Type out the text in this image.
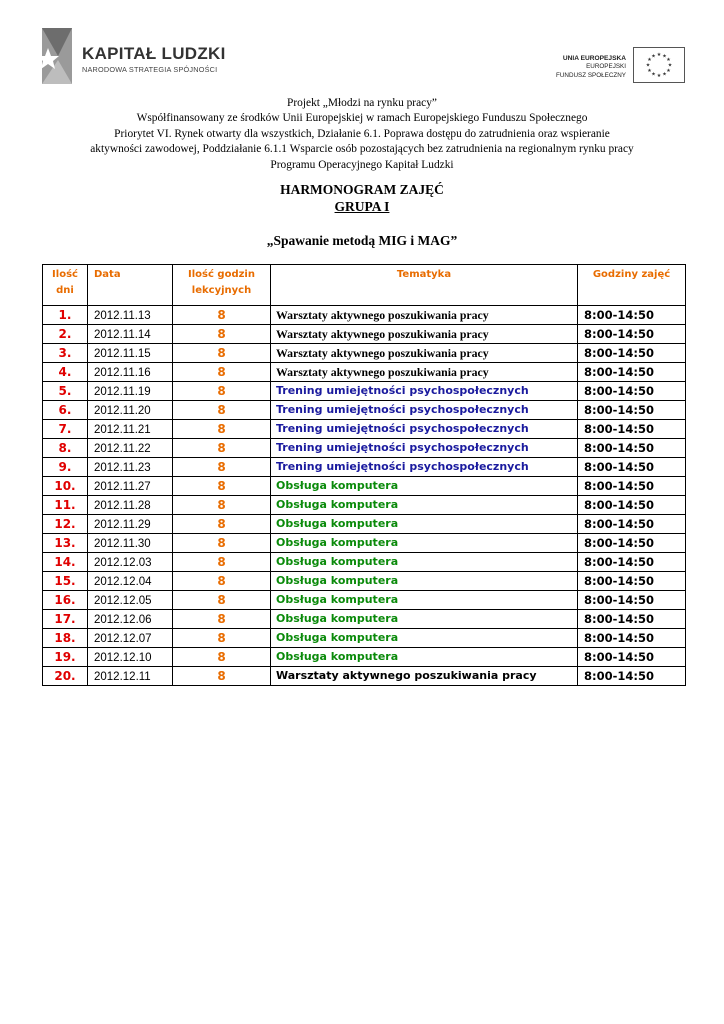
KAPITAŁ LUDZKI
NARODOWA STRATEGIA SPÓJNOŚCI
UNIA EUROPEJSKA
EUROPEJSKI
FUNDUSZ SPOŁECZNY
★ ★
★
★
★
★
★
★
★
★
★
★
Projekt „Młodzi na rynku pracy”
Współfinansowany ze środków Unii Europejskiej w ramach Europejskiego Funduszu Społecznego
Priorytet VI. Rynek otwarty dla wszystkich, Działanie 6.1. Poprawa dostępu do zatrudnienia oraz wspieranie
aktywności zawodowej, Poddziałanie 6.1.1 Wsparcie osób pozostających bez zatrudnienia na regionalnym rynku pracy
Programu Operacyjnego Kapitał Ludzki
HARMONOGRAM ZAJĘĆ
GRUPA I
„Spawanie metodą MIG i MAG”
Ilość dni	Data	Ilość godzin lekcyjnych	Tematyka	Godziny zajęć
1.	2012.11.13	8	Warsztaty aktywnego poszukiwania pracy	8:00-14:50
2.	2012.11.14	8	Warsztaty aktywnego poszukiwania pracy	8:00-14:50
3.	2012.11.15	8	Warsztaty aktywnego poszukiwania pracy	8:00-14:50
4.	2012.11.16	8	Warsztaty aktywnego poszukiwania pracy	8:00-14:50
5.	2012.11.19	8	Trening umiejętności psychospołecznych	8:00-14:50
6.	2012.11.20	8	Trening umiejętności psychospołecznych	8:00-14:50
7.	2012.11.21	8	Trening umiejętności psychospołecznych	8:00-14:50
8.	2012.11.22	8	Trening umiejętności psychospołecznych	8:00-14:50
9.	2012.11.23	8	Trening umiejętności psychospołecznych	8:00-14:50
10.	2012.11.27	8	Obsługa komputera	8:00-14:50
11.	2012.11.28	8	Obsługa komputera	8:00-14:50
12.	2012.11.29	8	Obsługa komputera	8:00-14:50
13.	2012.11.30	8	Obsługa komputera	8:00-14:50
14.	2012.12.03	8	Obsługa komputera	8:00-14:50
15.	2012.12.04	8	Obsługa komputera	8:00-14:50
16.	2012.12.05	8	Obsługa komputera	8:00-14:50
17.	2012.12.06	8	Obsługa komputera	8:00-14:50
18.	2012.12.07	8	Obsługa komputera	8:00-14:50
19.	2012.12.10	8	Obsługa komputera	8:00-14:50
20.	2012.12.11	8	Warsztaty aktywnego poszukiwania pracy	8:00-14:50
